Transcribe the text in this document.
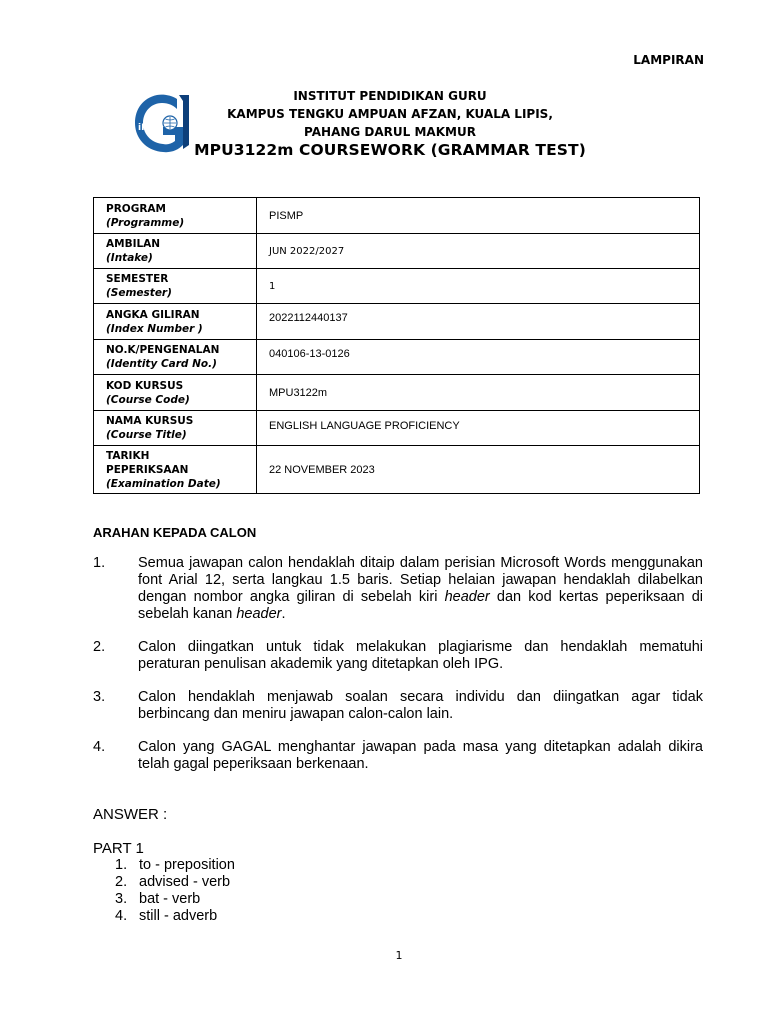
LAMPIRAN
iPG
INSTITUT PENDIDIKAN GURU
KAMPUS TENGKU AMPUAN AFZAN, KUALA LIPIS,
PAHANG DARUL MAKMUR
MPU3122m COURSEWORK (GRAMMAR TEST)
PROGRAM
(Programme)	PISMP
AMBILAN
(Intake)	JUN 2022/2027
SEMESTER
(Semester)	1
ANGKA GILIRAN
(Index Number )	2022112440137
NO.K/PENGENALAN
(Identity Card No.)	040106-13-0126
KOD KURSUS
(Course Code)	MPU3122m
NAMA KURSUS
(Course Title)	ENGLISH LANGUAGE PROFICIENCY

TARIKH PEPERIKSAAN
(Examination Date)	22 NOVEMBER 2023
ARAHAN KEPADA CALON
1. Semua jawapan calon hendaklah ditaip dalam perisian Microsoft Words menggunakan font Arial 12, serta langkau 1.5 baris. Setiap helaian jawapan hendaklah dilabelkan dengan nombor angka giliran di sebelah kiri header dan kod kertas peperiksaan di sebelah kanan header.
2. Calon diingatkan untuk tidak melakukan plagiarisme dan hendaklah mematuhi peraturan penulisan akademik yang ditetapkan oleh IPG.
3. Calon hendaklah menjawab soalan secara individu dan diingatkan agar tidak berbincang dan meniru jawapan calon-calon lain.
4. Calon yang GAGAL menghantar jawapan pada masa yang ditetapkan adalah dikira telah gagal peperiksaan berkenaan.
ANSWER :
PART 1
1. to - preposition
2. advised - verb
3. bat - verb
4. still - adverb
1
